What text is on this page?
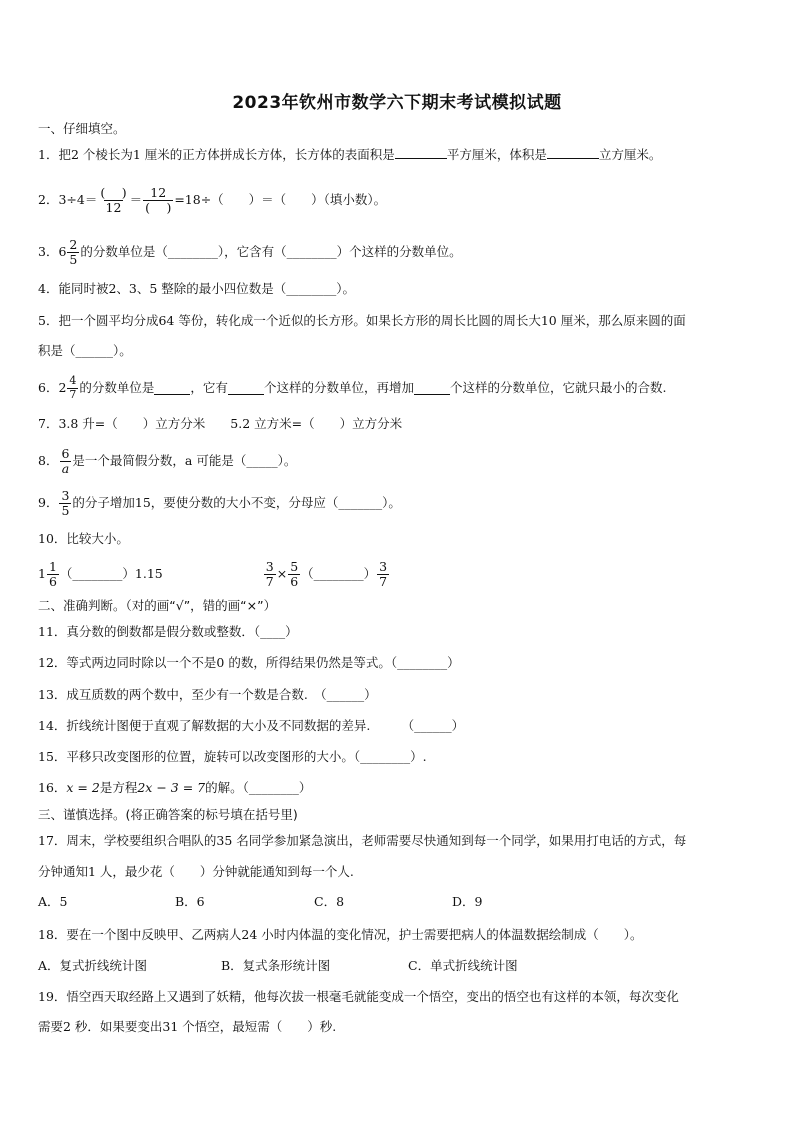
2023年钦州市数学六下期末考试模拟试题
一、仔细填空。
1．把2 个棱长为1 厘米的正方体拼成长方体，长方体的表面积是	平方厘米，体积是	立方厘米。
2．$3\div 4= \frac{( )}{12} = \frac{12}{( )} =18\div$（　　）＝（　　）（填小数）。
3．$6 \frac{2}{5}$ 的分数单位是（________），它含有（________）个这样的分数单位。
4．能同时被2、3、5 整除的最小四位数是（________）。
5．把一个圆平均分成64 等份，转化成一个近似的长方形。如果长方形的周长比圆的周长大10 厘米，那么原来圆的面
积是（______）。
6．$2 \frac{4}{7}$ 的分数单位是	，它有	个这样的分数单位，再增加	个这样的分数单位，它就只最小的合数.
7．3.8 升=（　　）立方分米　　5.2 立方米=（　　）立方分米
8． $\frac{6}{a}$ 是一个最简假分数，a 可能是（_____）。
9． $\frac{3}{5}$ 的分子增加15，要使分数的大小不变，分母应（_______）。
10．比较大小。
$1 \frac{1}{6}$ （________）1.15	$\frac{3}{7} \times \frac{5}{6}$ （________） $\frac{3}{7}$
二、准确判断。（对的画“√”，错的画“×”）
11．真分数的倒数都是假分数或整数．（____）
12．等式两边同时除以一个不是0 的数，所得结果仍然是等式。（________）
13．成互质数的两个数中，至少有一个数是合数.　（______）
14．折线统计图便于直观了解数据的大小及不同数据的差异.　　　（______）
15．平移只改变图形的位置，旋转可以改变图形的大小。（________）.
16．x = 2是方程2x − 3 = 7的解。（________）
三、谨慎选择。(将正确答案的标号填在括号里)
17．周末，学校要组织合唱队的35 名同学参加紧急演出，老师需要尽快通知到每一个同学，如果用打电话的方式，每
分钟通知1 人，最少花（　　）分钟就能通知到每一个人.
A．5	B．6	C．8	D．9
18．要在一个图中反映甲、乙两病人24 小时内体温的变化情况，护士需要把病人的体温数据绘制成（　　）。
A．复式折线统计图	B．复式条形统计图	C．单式折线统计图
19．悟空西天取经路上又遇到了妖精，他每次拔一根毫毛就能变成一个悟空，变出的悟空也有这样的本领，每次变化
需要2 秒．如果要变出31 个悟空，最短需（　　）秒.
